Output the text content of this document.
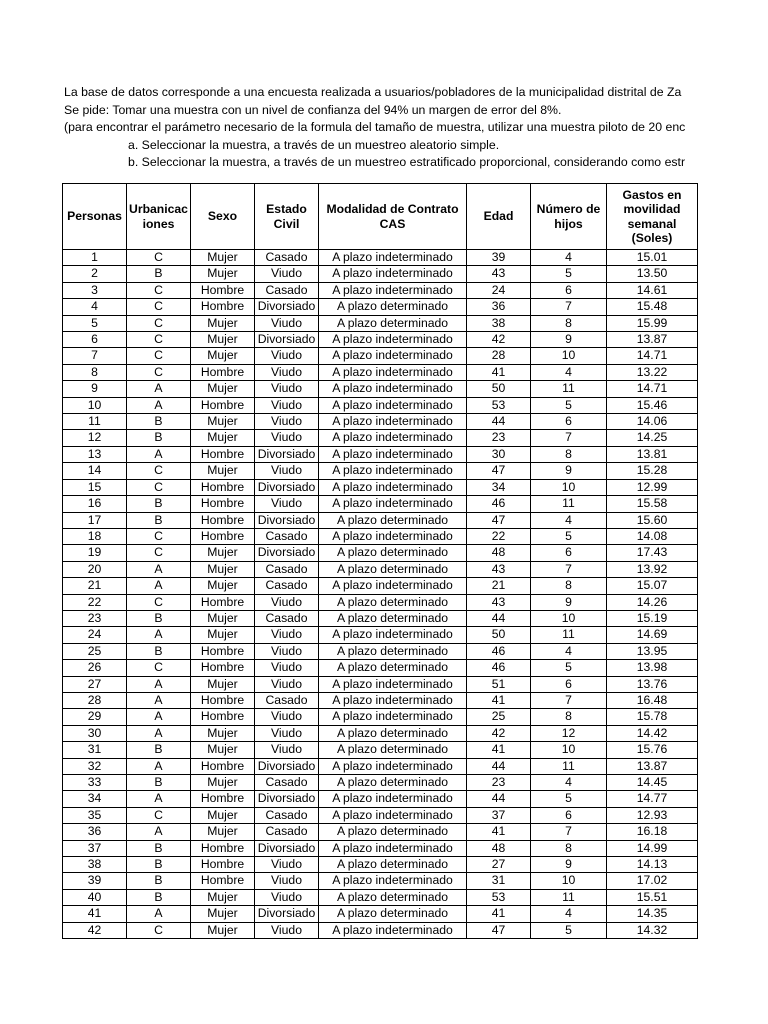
La base de datos corresponde a una encuesta realizada a usuarios/pobladores de la municipalidad distrital de Za
Se pide: Tomar una muestra con un nivel de confianza del 94% un margen de error del 8%.
(para encontrar el parámetro necesario de la formula del tamaño de muestra, utilizar una muestra piloto de 20 enc
a. Seleccionar la muestra, a través de un muestreo aleatorio simple.
b. Seleccionar la muestra, a través de un muestreo estratificado proporcional, considerando como estr
Personas	Urbanicac iones	Sexo	Estado Civil	Modalidad de Contrato CAS	Edad	Número de hijos	Gastos en movilidad semanal (Soles)
1	C	Mujer	Casado	A plazo indeterminado	39	4	15.01
2	B	Mujer	Viudo	A plazo indeterminado	43	5	13.50
3	C	Hombre	Casado	A plazo indeterminado	24	6	14.61
4	C	Hombre	Divorsiado	A plazo determinado	36	7	15.48
5	C	Mujer	Viudo	A plazo determinado	38	8	15.99
6	C	Mujer	Divorsiado	A plazo indeterminado	42	9	13.87
7	C	Mujer	Viudo	A plazo indeterminado	28	10	14.71
8	C	Hombre	Viudo	A plazo indeterminado	41	4	13.22
9	A	Mujer	Viudo	A plazo indeterminado	50	11	14.71
10	A	Hombre	Viudo	A plazo indeterminado	53	5	15.46
11	B	Mujer	Viudo	A plazo indeterminado	44	6	14.06
12	B	Mujer	Viudo	A plazo indeterminado	23	7	14.25
13	A	Hombre	Divorsiado	A plazo indeterminado	30	8	13.81
14	C	Mujer	Viudo	A plazo indeterminado	47	9	15.28
15	C	Hombre	Divorsiado	A plazo indeterminado	34	10	12.99
16	B	Hombre	Viudo	A plazo indeterminado	46	11	15.58
17	B	Hombre	Divorsiado	A plazo determinado	47	4	15.60
18	C	Hombre	Casado	A plazo indeterminado	22	5	14.08
19	C	Mujer	Divorsiado	A plazo determinado	48	6	17.43
20	A	Mujer	Casado	A plazo determinado	43	7	13.92
21	A	Mujer	Casado	A plazo indeterminado	21	8	15.07
22	C	Hombre	Viudo	A plazo determinado	43	9	14.26
23	B	Mujer	Casado	A plazo determinado	44	10	15.19
24	A	Mujer	Viudo	A plazo indeterminado	50	11	14.69
25	B	Hombre	Viudo	A plazo determinado	46	4	13.95
26	C	Hombre	Viudo	A plazo determinado	46	5	13.98
27	A	Mujer	Viudo	A plazo indeterminado	51	6	13.76
28	A	Hombre	Casado	A plazo indeterminado	41	7	16.48
29	A	Hombre	Viudo	A plazo indeterminado	25	8	15.78
30	A	Mujer	Viudo	A plazo determinado	42	12	14.42
31	B	Mujer	Viudo	A plazo determinado	41	10	15.76
32	A	Hombre	Divorsiado	A plazo indeterminado	44	11	13.87
33	B	Mujer	Casado	A plazo determinado	23	4	14.45
34	A	Hombre	Divorsiado	A plazo indeterminado	44	5	14.77
35	C	Mujer	Casado	A plazo indeterminado	37	6	12.93
36	A	Mujer	Casado	A plazo determinado	41	7	16.18
37	B	Hombre	Divorsiado	A plazo indeterminado	48	8	14.99
38	B	Hombre	Viudo	A plazo determinado	27	9	14.13
39	B	Hombre	Viudo	A plazo indeterminado	31	10	17.02
40	B	Mujer	Viudo	A plazo determinado	53	11	15.51
41	A	Mujer	Divorsiado	A plazo determinado	41	4	14.35
42	C	Mujer	Viudo	A plazo indeterminado	47	5	14.32
